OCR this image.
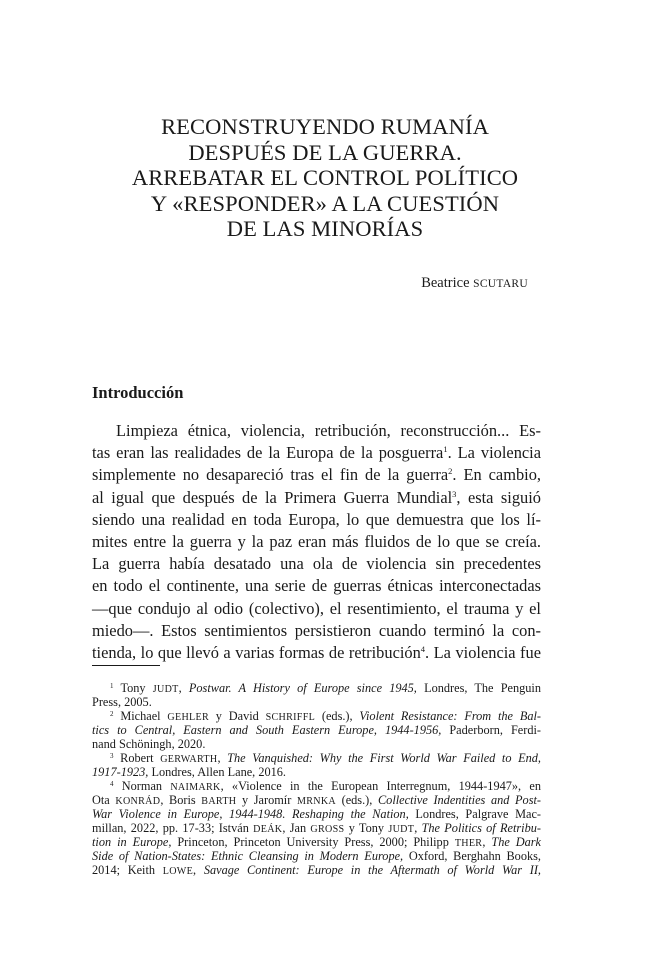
RECONSTRUYENDO RUMANÍA
DESPUÉS DE LA GUERRA.
ARREBATAR EL CONTROL POLÍTICO
Y «RESPONDER» A LA CUESTIÓN
DE LAS MINORÍAS
Beatrice SCUTARU
Introducción
Limpieza étnica, violencia, retribución, reconstrucción... Es-
tas eran las realidades de la Europa de la posguerra$^1$. La violencia
simplemente no desapareció tras el fin de la guerra$^2$. En cambio,
al igual que después de la Primera Guerra Mundial$^3$, esta siguió
siendo una realidad en toda Europa, lo que demuestra que los lí-
mites entre la guerra y la paz eran más fluidos de lo que se creía.
La guerra había desatado una ola de violencia sin precedentes
en todo el continente, una serie de guerras étnicas interconectadas
—que condujo al odio (colectivo), el resentimiento, el trauma y el
miedo—. Estos sentimientos persistieron cuando terminó la con-
tienda, lo que llevó a varias formas de retribución$^4$. La violencia fue
$^1$ Tony JUDT, Postwar. A History of Europe since 1945, Londres, The Penguin
Press, 2005.
$^2$ Michael GEHLER y David SCHRIFFL (eds.), Violent Resistance: From the Bal-
tics to Central, Eastern and South Eastern Europe, 1944-1956, Paderborn, Ferdi-
nand Schöningh, 2020.
$^3$ Robert GERWARTH, The Vanquished: Why the First World War Failed to End,
1917-1923, Londres, Allen Lane, 2016.
$^4$ Norman NAIMARK, «Violence in the European Interregnum, 1944-1947», en
Ota KONRÁD, Boris BARTH y Jaromír MRNKA (eds.), Collective Indentities and Post-
War Violence in Europe, 1944-1948. Reshaping the Nation, Londres, Palgrave Mac-
millan, 2022, pp. 17-33; István DEÁK, Jan GROSS y Tony JUDT, The Politics of Retribu-
tion in Europe, Princeton, Princeton University Press, 2000; Philipp THER, The Dark
Side of Nation-States: Ethnic Cleansing in Modern Europe, Oxford, Berghahn Books,
2014; Keith LOWE, Savage Continent: Europe in the Aftermath of World War II,
